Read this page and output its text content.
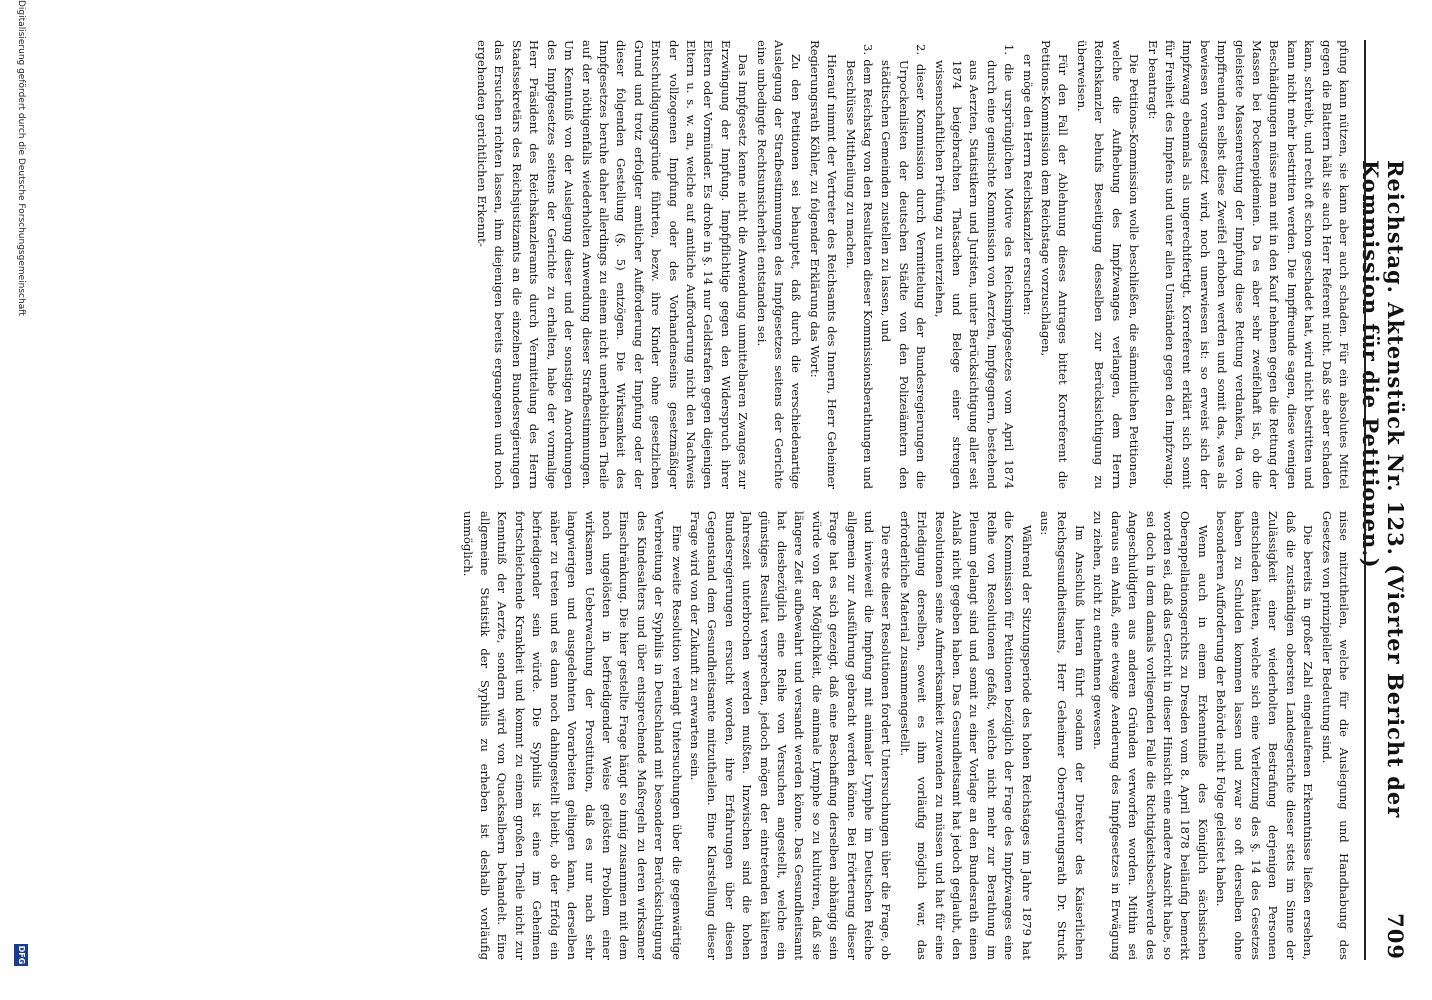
Reichstag. Aktenstück Nr. 123. (Vierter Bericht der Kommission für die Petitionen.)
709

pfung kann nützen, sie kann aber auch schaden. Für ein absolutes Mittel gegen die Blattern hält sie auch Herr Referent nicht. Daß sie aber schaden kann, schreibt, und recht oft schon geschadet hat, wird nicht bestritten und kann nicht mehr bestritten werden. Die Impffreunde sagen, diese wenigen Beschädigungen müsse man mit in den Kauf nehmen gegen die Rettung der Massen bei Pockenepidemien. Da es aber sehr zweifelhaft ist, ob die geleistete Massenrettung der Impfung diese Rettung verdanken, da von Impffreunden selbst diese Zweifel erhoben werden und somit das, was als bewiesen vorausgesetzt wird, noch unerwiesen ist: so erweist sich der Impfzwang ebenmals als ungerechtfertigt. Korreferent erklärt sich somit für Freiheit des Impfens und unter allen Umständen gegen den Impfzwang. Er beantragt:

Die Petitions-Kommission wolle beschließen, die sämmtlichen Petitionen, welche die Aufhebung des Impfzwanges verlangen, dem Herrn Reichskanzler behufs Beseitigung desselben zur Berücksichtigung zu überweisen.

Für den Fall der Ablehnung dieses Antrages bittet Korreferent die Petitions-Kommission dem Reichstage vorzuschlagen,

er möge den Herrn Reichskanzler ersuchen:

1. die ursprünglichen Motive des Reichsimpfgesetzes vom April 1874 durch eine gemischte Kommission von Aerzten, Impfgegnern, bestehend aus Aerzten, Statistikern und Juristen, unter Berücksichtigung aller seit 1874 beigebrachten Thatsachen und Belege einer strengen wissenschaftlichen Prüfung zu unterziehen,

2. dieser Kommission durch Vermittelung der Bundesregierungen die Urpockenlisten der deutschen Städte von den Polizeiämtern den städtischen Gemeinden zustellen zu lassen, und

3. dem Reichstag von den Resultaten dieser Kommissionsberathungen und Beschlüsse Mittheilung zu machen.

Hierauf nimmt der Vertreter des Reichsamts des Innern, Herr Geheimer Regierungsrath Köhler, zu folgender Erklärung das Wort:

Zu den Petitionen sei behauptet, daß durch die verschiedenartige Auslegung der Strafbestimmungen des Impfgesetzes seitens der Gerichte eine unbedingte Rechtsunsicherheit entstanden sei.

Das Impfgesetz kenne nicht die Anwendung unmittelbaren Zwanges zur Erzwingung der Impfung. Impfpflichtige gegen den Widerspruch ihrer Eltern oder Vormünder. Es drohe in §. 14 nur Geldstrafen gegen diejenigen Eltern u. s. w. an, welche auf amtliche Aufforderung nicht den Nachweis der vollzogenen Impfung oder des Vorhandenseins gesetzmäßiger Entschuldigungsgründe führten, bezw. ihre Kinder ohne gesetzlichen Grund und trotz erfolgter amtlicher Aufforderung der Impfung oder der dieser folgenden Gestellung (§. 5) entzögen. Die Wirksamkeit des Impfgesetzes beruhe daher allerdings zu einem nicht unerheblichen Theile auf der nöthigenfalls wiederholten Anwendung dieser Strafbestimmungen. Um Kenntniß von der Auslegung dieser und der sonstigen Anordnungen des Impfgesetzes seitens der Gerichte zu erhalten, habe der vormalige Herr Präsident des Reichskanzleramts durch Vermittelung des Herrn Staatssekretärs des Reichsjustizamts an die einzelnen Bundesregierungen das Ersuchen richten lassen, ihm diejenigen bereits ergangenen und noch ergehenden gerichtlichen Erkennt-

nisse mitzutheilen, welche für die Auslegung und Handhabung des Gesetzes von prinzipieller Bedeutung sind.

Die bereits in großer Zahl eingelaufenen Erkenntnisse ließen ersehen, daß die zuständigen obersten Landesgerichte dieser stets im Sinne der Zulässigkeit einer wiederholten Bestrafung derjenigen Personen entschieden hätten, welche sich eine Verletzung des §. 14 des Gesetzes haben zu Schulden kommen lassen und zwar so oft derselben ohne besonderen Aufforderung der Behörde nicht Folge geleistet haben.

Wenn auch in einem Erkenntniße des Königlich sächsischen Oberappellationsgerichts zu Dresden vom 8. April 1878 beiläufig bemerkt worden sei, daß das Gericht in dieser Hinsicht eine andere Ansicht habe, so sei doch in dem damals vorliegenden Falle die Richtigkeitsbeschwerde des Angeschuldigten aus anderen Gründen verworfen worden. Mithin sei daraus ein Anlaß, eine etwaige Aenderung des Impfgesetzes in Erwägung zu ziehen, nicht zu entnehmen gewesen.

Im Anschluß hieran führt sodann der Direktor des Kaiserlichen Reichsgesundheitsamts, Herr Geheimer Oberregierungsrath Dr. Struck aus:

Während der Sitzungsperiode des hohen Reichstages im Jahre 1879 hat die Kommission für Petitionen bezüglich der Frage des Impfzwanges eine Reihe von Resolutionen gefaßt, welche nicht mehr zur Berathung im Plenum gelangt sind und somit zu einer Vorlage an den Bundesrath einen Anlaß nicht gegeben haben. Das Gesundheitsamt hat jedoch geglaubt, den Resolutionen seine Aufmerksamkeit zuwenden zu müssen und hat für eine Erledigung derselben, soweit es ihm vorläufig möglich war, das erforderliche Material zusammengestellt.

Die erste dieser Resolutionen fordert Untersuchungen über die Frage, ob und inwieweit die Impfung mit animaler Lymphe im Deutschen Reiche allgemein zur Ausführung gebracht werden könne. Bei Erörterung dieser Frage hat es sich gezeigt, daß eine Beschaffung derselben abhängig sein würde von der Möglichkeit, die animale Lymphe so zu kultiviren, daß sie längere Zeit aufbewahrt und versandt werden könne. Das Gesundheitsamt hat diesbezüglich eine Reihe von Versuchen angestellt, welche ein günstiges Resultat versprechen, jedoch mögen der eintretenden kälteren Jahreszeit unterbrochen werden mußten. Inzwischen sind die hohen Bundesregierungen ersucht worden, ihre Erfahrungen über diesen Gegenstand dem Gesundheitsamte mitzutheilen. Eine Klarstellung dieser Frage wird von der Zukunft zu erwarten sein.

Eine zweite Resolution verlangt Untersuchungen über die gegenwärtige Verbreitung der Syphilis in Deutschland mit besonderer Berücksichtigung des Kindesalters und über entsprechende Maßregeln zu deren wirksamer Einschränkung. Die hier gestellte Frage hängt so innig zusammen mit dem noch ungelösten in befriedigender Weise gelösten Problem einer wirksamen Ueberwachung der Prostitution, daß es nur nach sehr langwierigen und ausgedehnten Vorarbeiten gelingen kann, derselben näher zu treten und es dann noch dahingestellt bleibt, ob der Erfolg ein befriedigender sein würde. Die Syphilis ist eine im Geheimen fortschleichende Krankheit und kommt zu einem großen Theile nicht zur Kenntniß der Aerzte, sondern wird von Quacksalbern behandelt. Eine allgemeine Statistik der Syphilis zu erheben ist deshalb vorläufig unmöglich.

Digitalisierung gefördert durch die Deutsche Forschungsgemeinschaft
DFG
